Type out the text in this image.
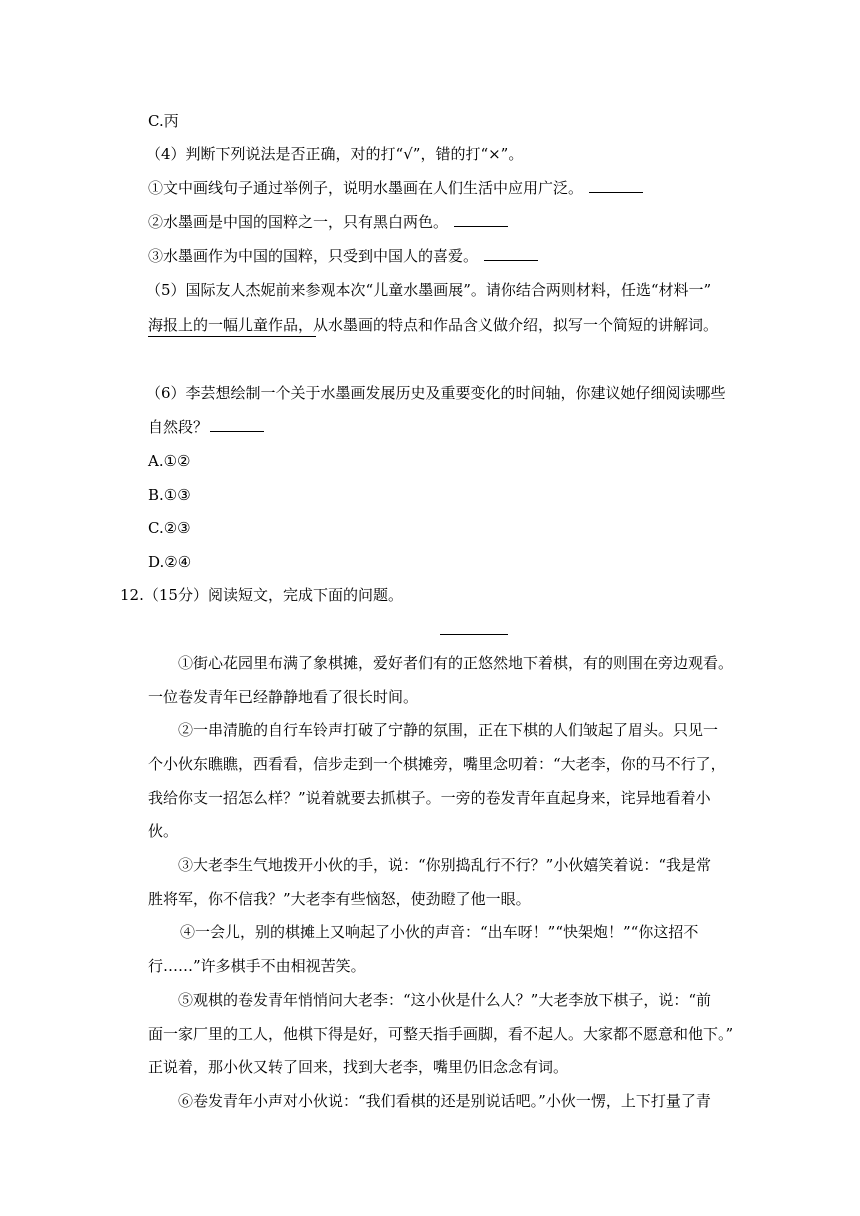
C.丙
（4）判断下列说法是否正确，对的打“√”，错的打“×”。
①文中画线句子通过举例子，说明水墨画在人们生活中应用广泛。
②水墨画是中国的国粹之一，只有黑白两色。
③水墨画作为中国的国粹，只受到中国人的喜爱。
（5）国际友人杰妮前来参观本次“儿童水墨画展”。请你结合两则材料，任选“材料一”
海报上的一幅儿童作品，从水墨画的特点和作品含义做介绍，拟写一个简短的讲解词。
（6）李芸想绘制一个关于水墨画发展历史及重要变化的时间轴，你建议她仔细阅读哪些
自然段？
A.①②
B.①③
C.②③
D.②④
12.（15分）阅读短文，完成下面的问题。
①街心花园里布满了象棋摊，爱好者们有的正悠然地下着棋，有的则围在旁边观看。
一位卷发青年已经静静地看了很长时间。
②一串清脆的自行车铃声打破了宁静的氛围，正在下棋的人们皱起了眉头。只见一
个小伙东瞧瞧，西看看，信步走到一个棋摊旁，嘴里念叨着：“大老李，你的马不行了，
我给你支一招怎么样？”说着就要去抓棋子。一旁的卷发青年直起身来，诧异地看着小
伙。
③大老李生气地拨开小伙的手，说：“你别捣乱行不行？”小伙嬉笑着说：“我是常
胜将军，你不信我？”大老李有些恼怒，使劲瞪了他一眼。
④一会儿，别的棋摊上又响起了小伙的声音：“出车呀！”“快架炮！”“你这招不
行……”许多棋手不由相视苦笑。
⑤观棋的卷发青年悄悄问大老李：“这小伙是什么人？”大老李放下棋子，说：“前
面一家厂里的工人，他棋下得是好，可整天指手画脚，看不起人。大家都不愿意和他下。”
正说着，那小伙又转了回来，找到大老李，嘴里仍旧念念有词。
⑥卷发青年小声对小伙说：“我们看棋的还是别说话吧。”小伙一愣，上下打量了青
